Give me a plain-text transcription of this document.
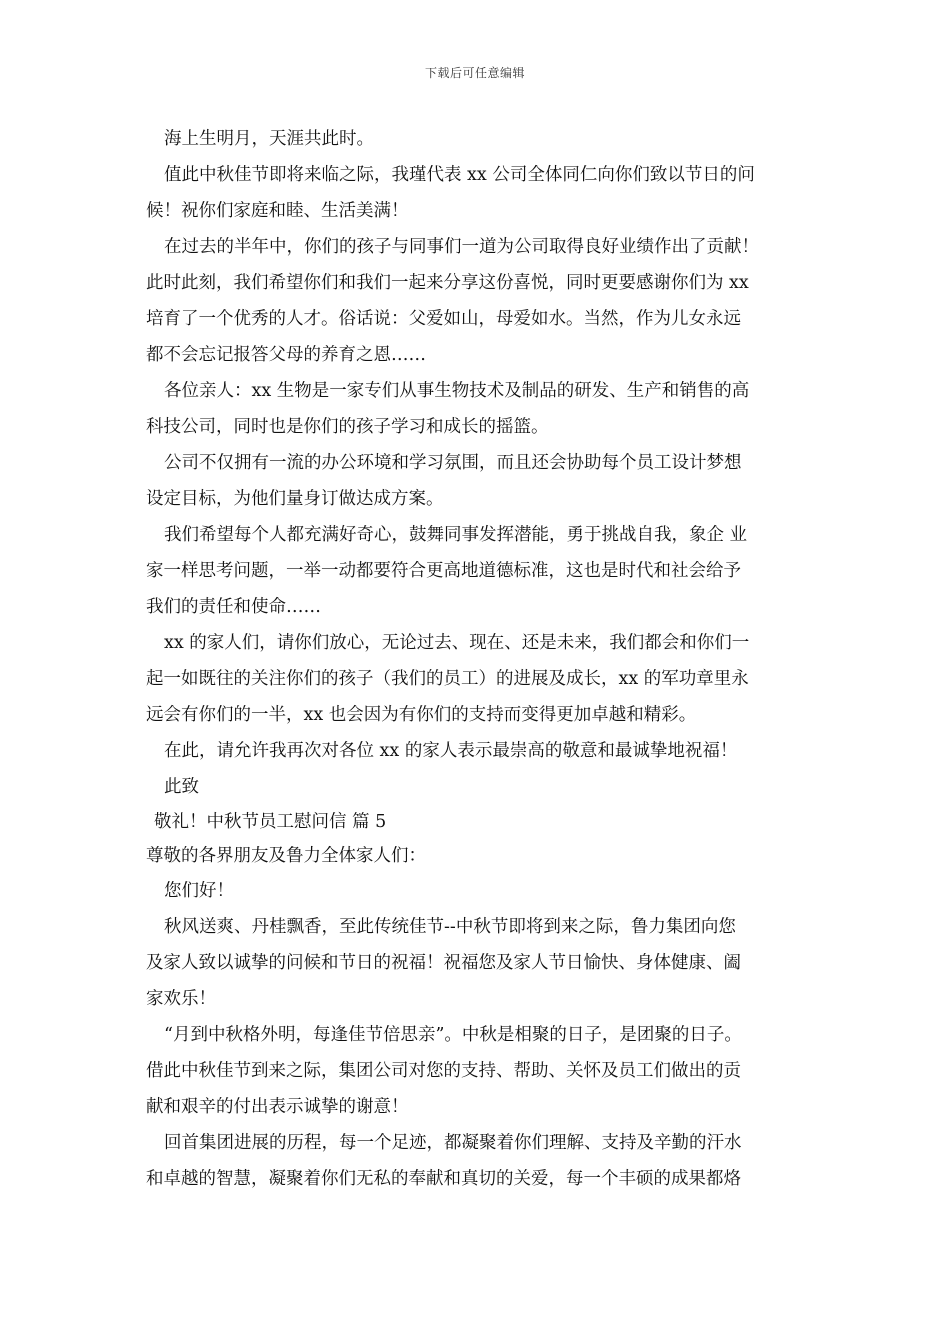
下载后可任意编辑
海上生明月，天涯共此时。
值此中秋佳节即将来临之际，我瑾代表 xx 公司全体同仁向你们致以节日的问
候！祝你们家庭和睦、生活美满！
在过去的半年中，你们的孩子与同事们一道为公司取得良好业绩作出了贡献！
此时此刻，我们希望你们和我们一起来分享这份喜悦，同时更要感谢你们为 xx
培育了一个优秀的人才。俗话说：父爱如山，母爱如水。当然，作为儿女永远
都不会忘记报答父母的养育之恩……
各位亲人：xx 生物是一家专们从事生物技术及制品的研发、生产和销售的高
科技公司，同时也是你们的孩子学习和成长的摇篮。
公司不仅拥有一流的办公环境和学习氛围，而且还会协助每个员工设计梦想
设定目标，为他们量身订做达成方案。
我们希望每个人都充满好奇心，鼓舞同事发挥潜能，勇于挑战自我，象企 业
家一样思考问题，一举一动都要符合更高地道德标准，这也是时代和社会给予
我们的责任和使命……
xx 的家人们，请你们放心，无论过去、现在、还是未来，我们都会和你们一
起一如既往的关注你们的孩子（我们的员工）的进展及成长，xx 的军功章里永
远会有你们的一半，xx 也会因为有你们的支持而变得更加卓越和精彩。
在此，请允许我再次对各位 xx 的家人表示最崇高的敬意和最诚挚地祝福！
此致
敬礼！中秋节员工慰问信 篇 5
尊敬的各界朋友及鲁力全体家人们：
您们好！
秋风送爽、丹桂飘香，至此传统佳节--中秋节即将到来之际，鲁力集团向您
及家人致以诚挚的问候和节日的祝福！祝福您及家人节日愉快、身体健康、阖
家欢乐！
“月到中秋格外明，每逢佳节倍思亲”。中秋是相聚的日子，是团聚的日子。
借此中秋佳节到来之际，集团公司对您的支持、帮助、关怀及员工们做出的贡
献和艰辛的付出表示诚挚的谢意！
回首集团进展的历程，每一个足迹，都凝聚着你们理解、支持及辛勤的汗水
和卓越的智慧，凝聚着你们无私的奉献和真切的关爱，每一个丰硕的成果都烙
